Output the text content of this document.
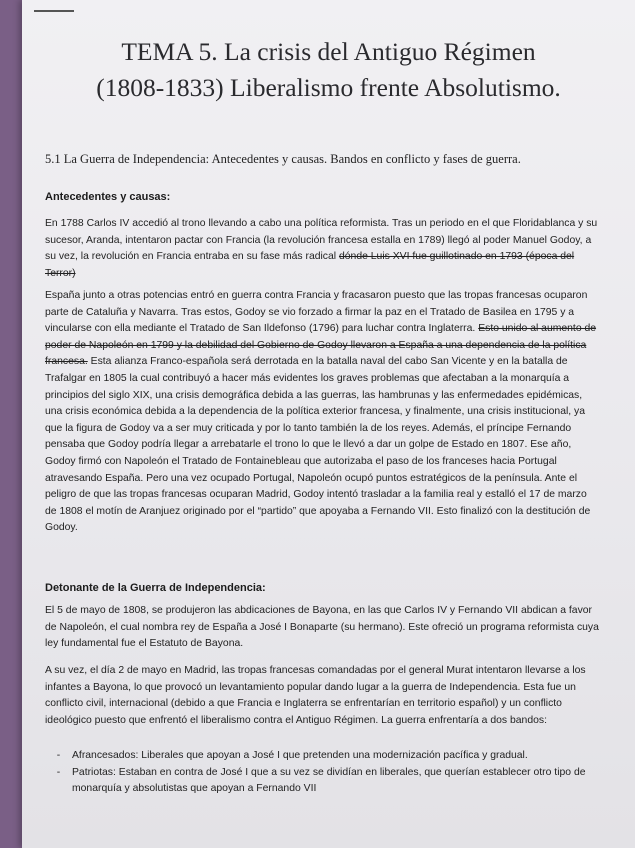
TEMA 5. La crisis del Antiguo Régimen
(1808-1833) Liberalismo frente Absolutismo.
5.1 La Guerra de Independencia: Antecedentes y causas. Bandos en conflicto y fases de guerra.
Antecedentes y causas:
En 1788 Carlos IV accedió al trono llevando a cabo una política reformista. Tras un periodo en el que Floridablanca y su sucesor, Aranda, intentaron pactar con Francia (la revolución francesa estalla en 1789) llegó al poder Manuel Godoy, a su vez, la revolución en Francia entraba en su fase más radical dónde Luis XVI fue guillotinado en 1793 (época del Terror)
España junto a otras potencias entró en guerra contra Francia y fracasaron puesto que las tropas francesas ocuparon parte de Cataluña y Navarra. Tras estos, Godoy se vio forzado a firmar la paz en el Tratado de Basilea en 1795 y a vincularse con ella mediante el Tratado de San Ildefonso (1796) para luchar contra Inglaterra. Esto unido al aumento de poder de Napoleón en 1799 y la debilidad del Gobierno de Godoy llevaron a España a una dependencia de la política francesa. Esta alianza Franco-española será derrotada en la batalla naval del cabo San Vicente y en la batalla de Trafalgar en 1805 la cual contribuyó a hacer más evidentes los graves problemas que afectaban a la monarquía a principios del siglo XIX, una crisis demográfica debida a las guerras, las hambrunas y las enfermedades epidémicas, una crisis económica debida a la dependencia de la política exterior francesa, y finalmente, una crisis institucional, ya que la figura de Godoy va a ser muy criticada y por lo tanto también la de los reyes. Además, el príncipe Fernando pensaba que Godoy podría llegar a arrebatarle el trono lo que le llevó a dar un golpe de Estado en 1807. Ese año, Godoy firmó con Napoleón el Tratado de Fontainebleau que autorizaba el paso de los franceses hacia Portugal atravesando España. Pero una vez ocupado Portugal, Napoleón ocupó puntos estratégicos de la península. Ante el peligro de que las tropas francesas ocuparan Madrid, Godoy intentó trasladar a la familia real y estalló el 17 de marzo de 1808 el motín de Aranjuez originado por el “partido” que apoyaba a Fernando VII. Esto finalizó con la destitución de Godoy.
Detonante de la Guerra de Independencia:
El 5 de mayo de 1808, se produjeron las abdicaciones de Bayona, en las que Carlos IV y Fernando VII abdican a favor de Napoleón, el cual nombra rey de España a José I Bonaparte (su hermano). Este ofreció un programa reformista cuya ley fundamental fue el Estatuto de Bayona.
A su vez, el día 2 de mayo en Madrid, las tropas francesas comandadas por el general Murat intentaron llevarse a los infantes a Bayona, lo que provocó un levantamiento popular dando lugar a la guerra de Independencia. Esta fue un conflicto civil, internacional (debido a que Francia e Inglaterra se enfrentarían en territorio español) y un conflicto ideológico puesto que enfrentó el liberalismo contra el Antiguo Régimen. La guerra enfrentaría a dos bandos:
-	Afrancesados: Liberales que apoyan a José I que pretenden una modernización pacífica y gradual.
-	Patriotas: Estaban en contra de José I que a su vez se dividían en liberales, que querían establecer otro tipo de monarquía y absolutistas que apoyan a Fernando VII
